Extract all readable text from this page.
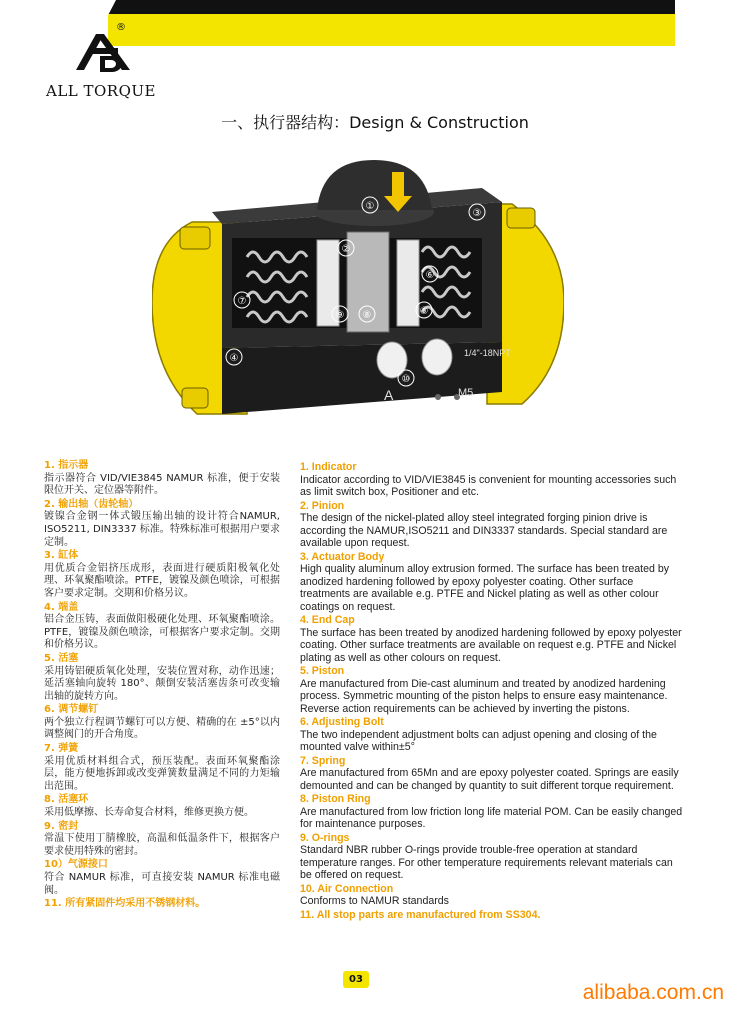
®
ALL TORQUE
一、执行器结构：Design & Construction
①
②
③
④
⑤
⑥
⑦
⑧
⑨
⑩
1/4"-18NPT
A	M5

1. 指示器

指示器符合 VID/VIE3845 NAMUR 标准，便于安装限位开关、定位器等附件。

2. 输出轴（齿轮轴）

镀镍合金钢一体式锻压输出轴的设计符合NAMUR, ISO5211, DIN3337 标准。特殊标准可根据用户要求定制。

3. 缸体

用优质合金铝挤压成形，表面进行硬质阳极氧化处理、环氧聚酯喷涂。PTFE，镀镍及颜色喷涂，可根据客户要求定制。交期和价格另议。

4. 端盖

铝合金压铸，表面做阳极硬化处理、环氧聚酯喷涂。PTFE，镀镍及颜色喷涂，可根据客户要求定制。交期和价格另议。

5. 活塞

采用铸铝硬质氧化处理，安装位置对称，动作迅速；延活塞轴向旋转 180°、颠倒安装活塞齿条可改变输出轴的旋转方向。

6. 调节螺钉

两个独立行程调节螺钉可以方便、精确的在 ±5°以内调整阀门的开合角度。

7. 弹簧

采用优质材料组合式，预压装配。表面环氧聚酯涂层，能方便地拆卸或改变弹簧数量满足不同的力矩输出范围。

8. 活塞环

采用低摩擦、长寿命复合材料，维修更换方便。

9. 密封

常温下使用丁腈橡胶，高温和低温条件下，根据客户要求使用特殊的密封。

10）气源接口

符合 NAMUR 标准，可直接安装 NAMUR 标准电磁阀。

11. 所有紧固件均采用不锈钢材料。

1. Indicator

Indicator according to VID/VIE3845 is convenient for mounting accessories such as limit switch box, Positioner and etc.

2. Pinion

The design of the nickel-plated alloy steel integrated forging pinion drive is according the NAMUR,ISO5211 and DIN3337 standards. Special standard are available upon request.

3. Actuator Body

High quality aluminum alloy extrusion formed. The surface has been treated by anodized hardening followed by epoxy polyester coating. Other surface treatments are available e.g. PTFE and Nickel plating as well as other colour coatings on request.

4. End Cap

The surface has been treated by anodized hardening followed by epoxy polyester coating. Other surface treatments are available on request e.g. PTFE and Nickel plating as well as other colours on request.

5. Piston

Are manufactured from Die-cast aluminum and treated by anodized hardening process. Symmetric mounting of the piston helps to ensure easy maintenance. Reverse action requirements can be achieved by inverting the pistons.

6. Adjusting Bolt

The two independent adjustment bolts can adjust opening and closing of the mounted valve within±5°

7. Spring

Are manufactured from 65Mn and are epoxy polyester coated. Springs are easily demounted and can be changed by quantity to suit different torque requirement.

8. Piston Ring

Are manufactured from low friction long life material POM. Can be easily changed for maintenance purposes.

9. O-rings

Standard NBR rubber O-rings provide trouble-free operation at standard temperature ranges. For other temperature requirements relevant materials can be offered on request.

10. Air Connection

Conforms to NAMUR standards

11. All stop parts are manufactured from SS304.

03
alibaba.com.cn
